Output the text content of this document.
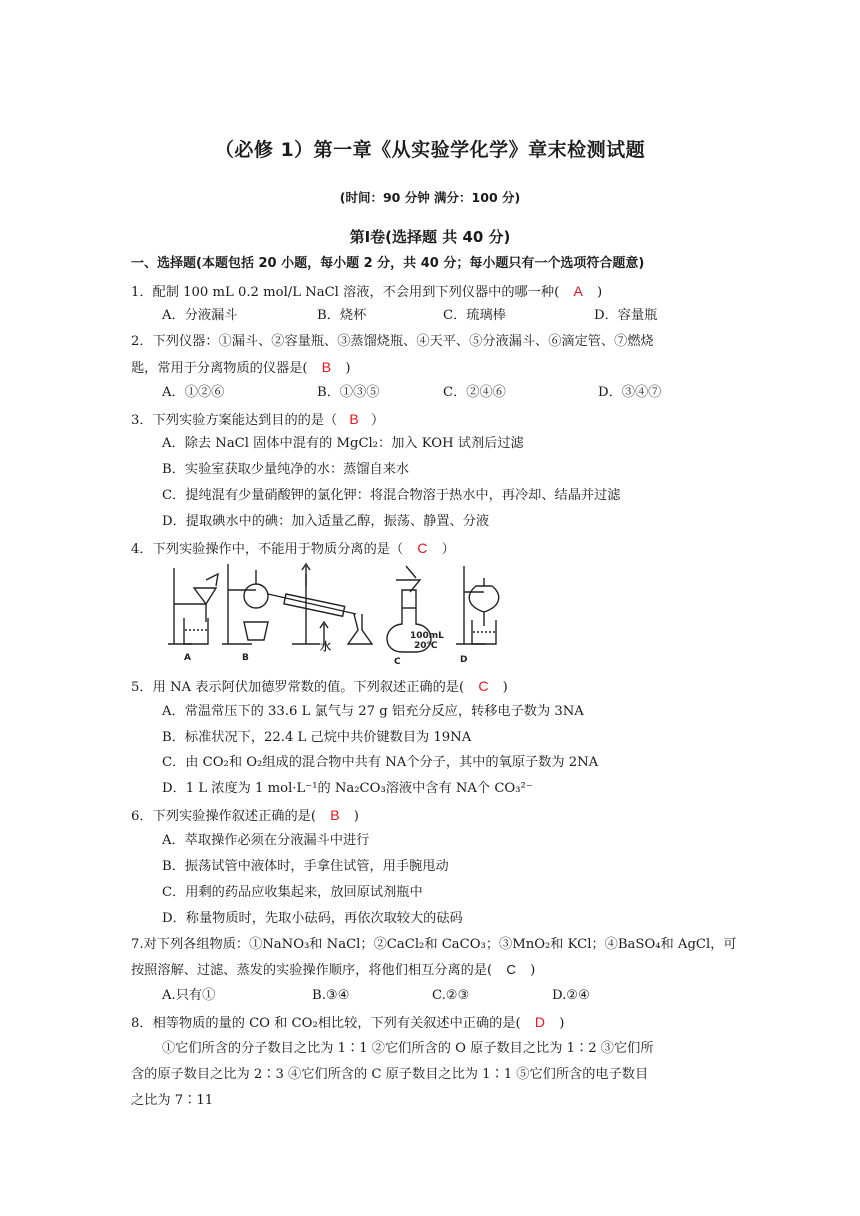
（必修 1）第一章《从实验学化学》章末检测试题
(时间：90 分钟 满分：100 分)
第Ⅰ卷(选择题 共 40 分)
一、选择题(本题包括 20 小题，每小题 2 分，共 40 分；每小题只有一个选项符合题意)
1．配制 100 mL 0.2 mol/L NaCl 溶液，不会用到下列仪器中的哪一种( A )
A．分液漏斗	B．烧杯	C．琉璃棒	D．容量瓶
2．下列仪器：①漏斗、②容量瓶、③蒸馏烧瓶、④天平、⑤分液漏斗、⑥滴定管、⑦燃烧
匙，常用于分离物质的仪器是( B )
A．①②⑥	B．①③⑤	C．②④⑥	D．③④⑦
3．下列实验方案能达到目的的是（ B ）
A．除去 NaCl 固体中混有的 MgCl₂：加入 KOH 试剂后过滤
B．实验室获取少量纯净的水：蒸馏自来水
C．提纯混有少量硝酸钾的氯化钾：将混合物溶于热水中，再冷却、结晶并过滤
D．提取碘水中的碘：加入适量乙醇，振荡、静置、分液
4．下列实验操作中，不能用于物质分离的是（ C ）
A	B
水
100mL
20℃
C	D
5．用 NA 表示阿伏加德罗常数的值。下列叙述正确的是( C )
A．常温常压下的 33.6 L 氯气与 27 g 铝充分反应，转移电子数为 3NA
B．标准状况下，22.4 L 己烷中共价键数目为 19NA
C．由 CO₂和 O₂组成的混合物中共有 NA个分子，其中的氧原子数为 2NA
D．1 L 浓度为 1 mol·L⁻¹的 Na₂CO₃溶液中含有 NA个 CO₃²⁻
6．下列实验操作叙述正确的是( B )
A．萃取操作必须在分液漏斗中进行
B．振荡试管中液体时，手拿住试管，用手腕甩动
C．用剩的药品应收集起来，放回原试剂瓶中
D．称量物质时，先取小砝码，再依次取较大的砝码
7.对下列各组物质：①NaNO₃和 NaCl；②CaCl₂和 CaCO₃；③MnO₂和 KCl；④BaSO₄和 AgCl，可
按照溶解、过滤、蒸发的实验操作顺序，将他们相互分离的是( C )
A.只有①	B.③④	C.②③	D.②④
8．相等物质的量的 CO 和 CO₂相比较，下列有关叙述中正确的是( D )
①它们所含的分子数目之比为 1∶1 ②它们所含的 O 原子数目之比为 1∶2 ③它们所
含的原子数目之比为 2∶3 ④它们所含的 C 原子数目之比为 1∶1 ⑤它们所含的电子数目
之比为 7∶11
